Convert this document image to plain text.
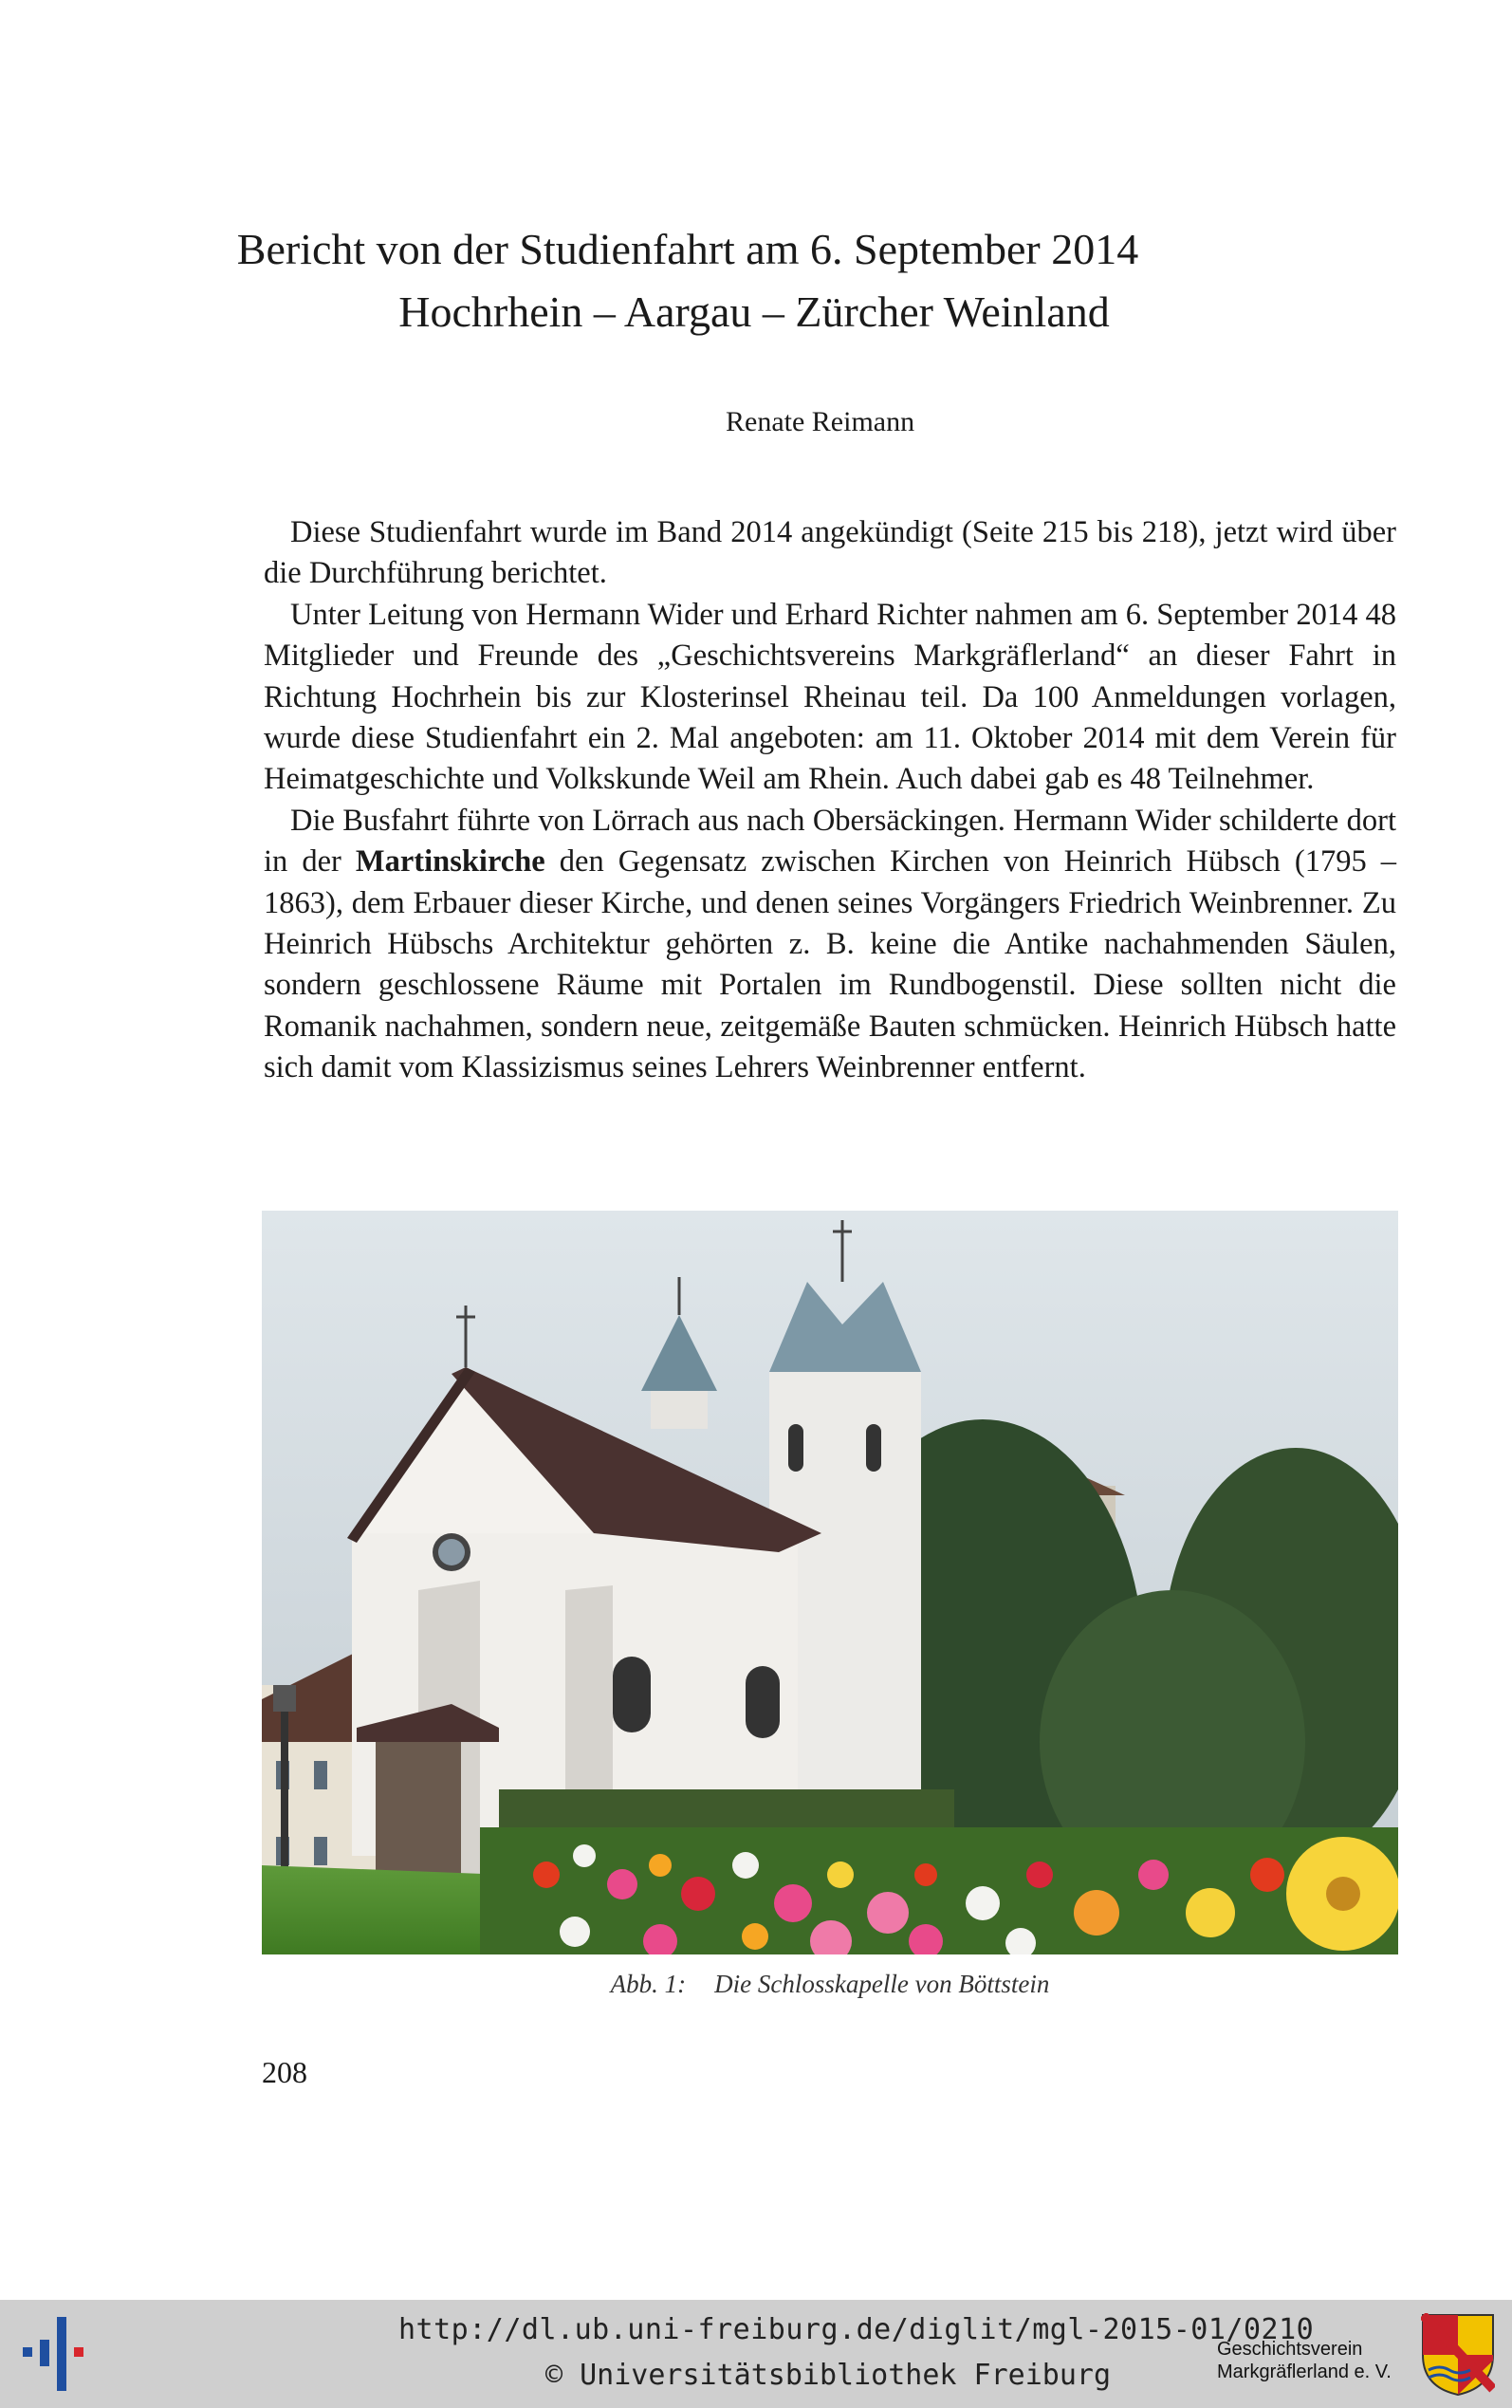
Bericht von der Studienfahrt am 6. September 2014
Hochrhein – Aargau – Zürcher Weinland

Renate Reimann

Diese Studienfahrt wurde im Band 2014 angekündigt (Seite 215 bis 218), jetzt wird über die Durchführung berichtet.

Unter Leitung von Hermann Wider und Erhard Richter nahmen am 6. September 2014 48 Mitglieder und Freunde des „Geschichtsvereins Markgräflerland“ an dieser Fahrt in Richtung Hochrhein bis zur Klosterinsel Rheinau teil. Da 100 Anmeldungen vorlagen, wurde diese Studienfahrt ein 2. Mal angeboten: am 11. Oktober 2014 mit dem Verein für Heimatgeschichte und Volkskunde Weil am Rhein. Auch dabei gab es 48 Teilnehmer.

Die Busfahrt führte von Lörrach aus nach Obersäckingen. Hermann Wider schilderte dort in der Martinskirche den Gegensatz zwischen Kirchen von Heinrich Hübsch (1795 – 1863), dem Erbauer dieser Kirche, und denen seines Vorgängers Friedrich Weinbrenner. Zu Heinrich Hübschs Architektur gehörten z. B. keine die Antike nachahmenden Säulen, sondern geschlossene Räume mit Portalen im Rundbogenstil. Diese sollten nicht die Romanik nachahmen, sondern neue, zeitgemäße Bauten schmücken. Heinrich Hübsch hatte sich damit vom Klassizismus seines Lehrers Weinbrenner entfernt.

Abb. 1: Die Schlosskapelle von Böttstein
208
http://dl.ub.uni-freiburg.de/diglit/mgl-2015-01/0210
© Universitätsbibliothek Freiburg
Geschichtsverein
Markgräflerland e. V.
